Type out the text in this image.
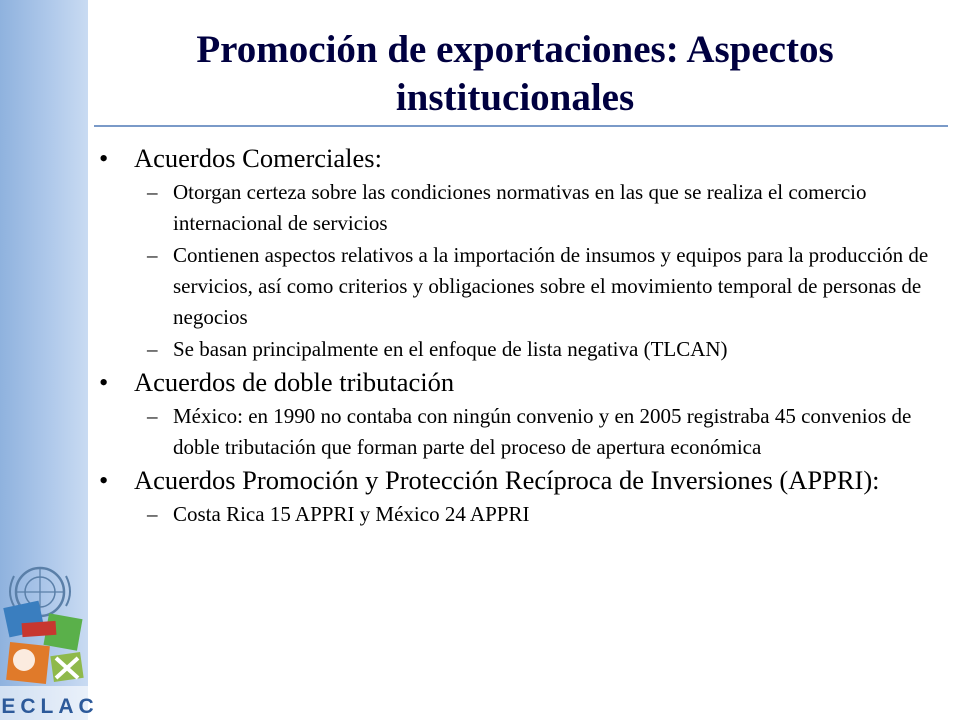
Promoción de exportaciones: Aspectos institucionales
• Acuerdos Comerciales:
– Otorgan certeza sobre las condiciones normativas en las que se realiza el comercio internacional de servicios
– Contienen aspectos relativos a la importación de insumos y equipos para la producción de servicios, así como criterios y obligaciones sobre el movimiento temporal de personas de negocios
– Se basan principalmente en el enfoque de lista negativa (TLCAN)
• Acuerdos de doble tributación
– México: en 1990 no contaba con ningún convenio y en 2005 registraba 45 convenios de doble tributación que forman parte del proceso de apertura económica
• Acuerdos Promoción y Protección Recíproca de Inversiones (APPRI):
– Costa Rica 15 APPRI y México 24 APPRI
ECLAC
